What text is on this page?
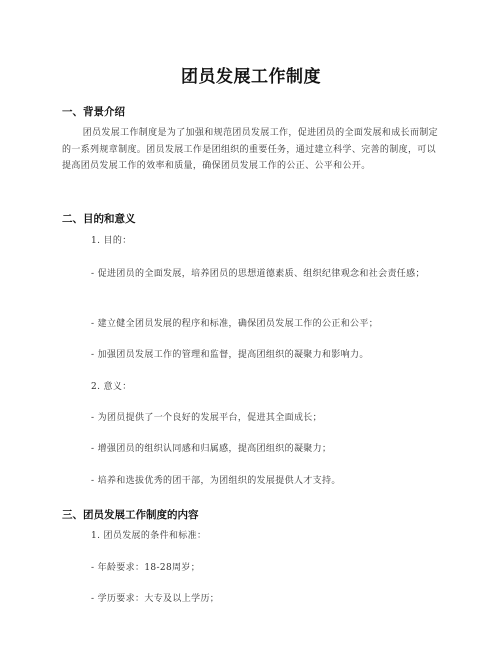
团员发展工作制度
一、背景介绍

团员发展工作制度是为了加强和规范团员发展工作，促进团员的全面发展和成长而制定的一系列规章制度。团员发展工作是团组织的重要任务，通过建立科学、完善的制度，可以提高团员发展工作的效率和质量，确保团员发展工作的公正、公平和公开。

二、目的和意义
1. 目的：

- 促进团员的全面发展，培养团员的思想道德素质、组织纪律观念和社会责任感；

- 建立健全团员发展的程序和标准，确保团员发展工作的公正和公平；
- 加强团员发展工作的管理和监督，提高团组织的凝聚力和影响力。
2. 意义：
- 为团员提供了一个良好的发展平台，促进其全面成长；
- 增强团员的组织认同感和归属感，提高团组织的凝聚力；
- 培养和选拔优秀的团干部，为团组织的发展提供人才支持。
三、团员发展工作制度的内容
1. 团员发展的条件和标准：
- 年龄要求：18-28周岁；
- 学历要求：大专及以上学历；
